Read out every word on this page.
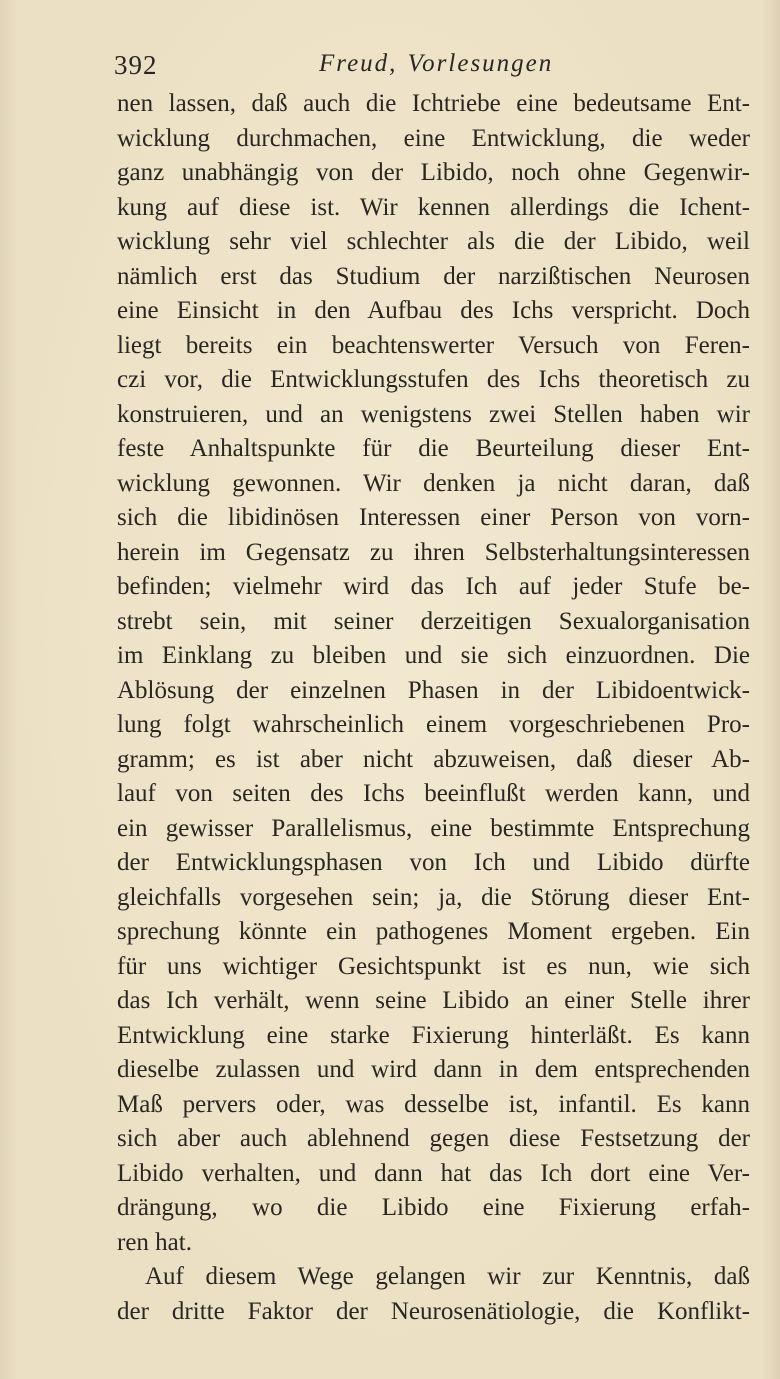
392	Freud, Vorlesungen
nen lassen, daß auch die Ichtriebe eine bedeutsame Ent-
wicklung durchmachen, eine Entwicklung, die weder
ganz unabhängig von der Libido, noch ohne Gegenwir-
kung auf diese ist. Wir kennen allerdings die Ichent-
wicklung sehr viel schlechter als die der Libido, weil
nämlich erst das Studium der narzißtischen Neurosen
eine Einsicht in den Aufbau des Ichs verspricht. Doch
liegt bereits ein beachtenswerter Versuch von Feren-
czi vor, die Entwicklungsstufen des Ichs theoretisch zu
konstruieren, und an wenigstens zwei Stellen haben wir
feste Anhaltspunkte für die Beurteilung dieser Ent-
wicklung gewonnen. Wir denken ja nicht daran, daß
sich die libidinösen Interessen einer Person von vorn-
herein im Gegensatz zu ihren Selbsterhaltungsinteressen
befinden; vielmehr wird das Ich auf jeder Stufe be-
strebt sein, mit seiner derzeitigen Sexualorganisation
im Einklang zu bleiben und sie sich einzuordnen. Die
Ablösung der einzelnen Phasen in der Libidoentwick-
lung folgt wahrscheinlich einem vorgeschriebenen Pro-
gramm; es ist aber nicht abzuweisen, daß dieser Ab-
lauf von seiten des Ichs beeinflußt werden kann, und
ein gewisser Parallelismus, eine bestimmte Entsprechung
der Entwicklungsphasen von Ich und Libido dürfte
gleichfalls vorgesehen sein; ja, die Störung dieser Ent-
sprechung könnte ein pathogenes Moment ergeben. Ein
für uns wichtiger Gesichtspunkt ist es nun, wie sich
das Ich verhält, wenn seine Libido an einer Stelle ihrer
Entwicklung eine starke Fixierung hinterläßt. Es kann
dieselbe zulassen und wird dann in dem entsprechenden
Maß pervers oder, was desselbe ist, infantil. Es kann
sich aber auch ablehnend gegen diese Festsetzung der
Libido verhalten, und dann hat das Ich dort eine Ver-
drängung, wo die Libido eine Fixierung erfah-
ren hat.
Auf diesem Wege gelangen wir zur Kenntnis, daß
der dritte Faktor der Neurosenätiologie, die Konflikt-
